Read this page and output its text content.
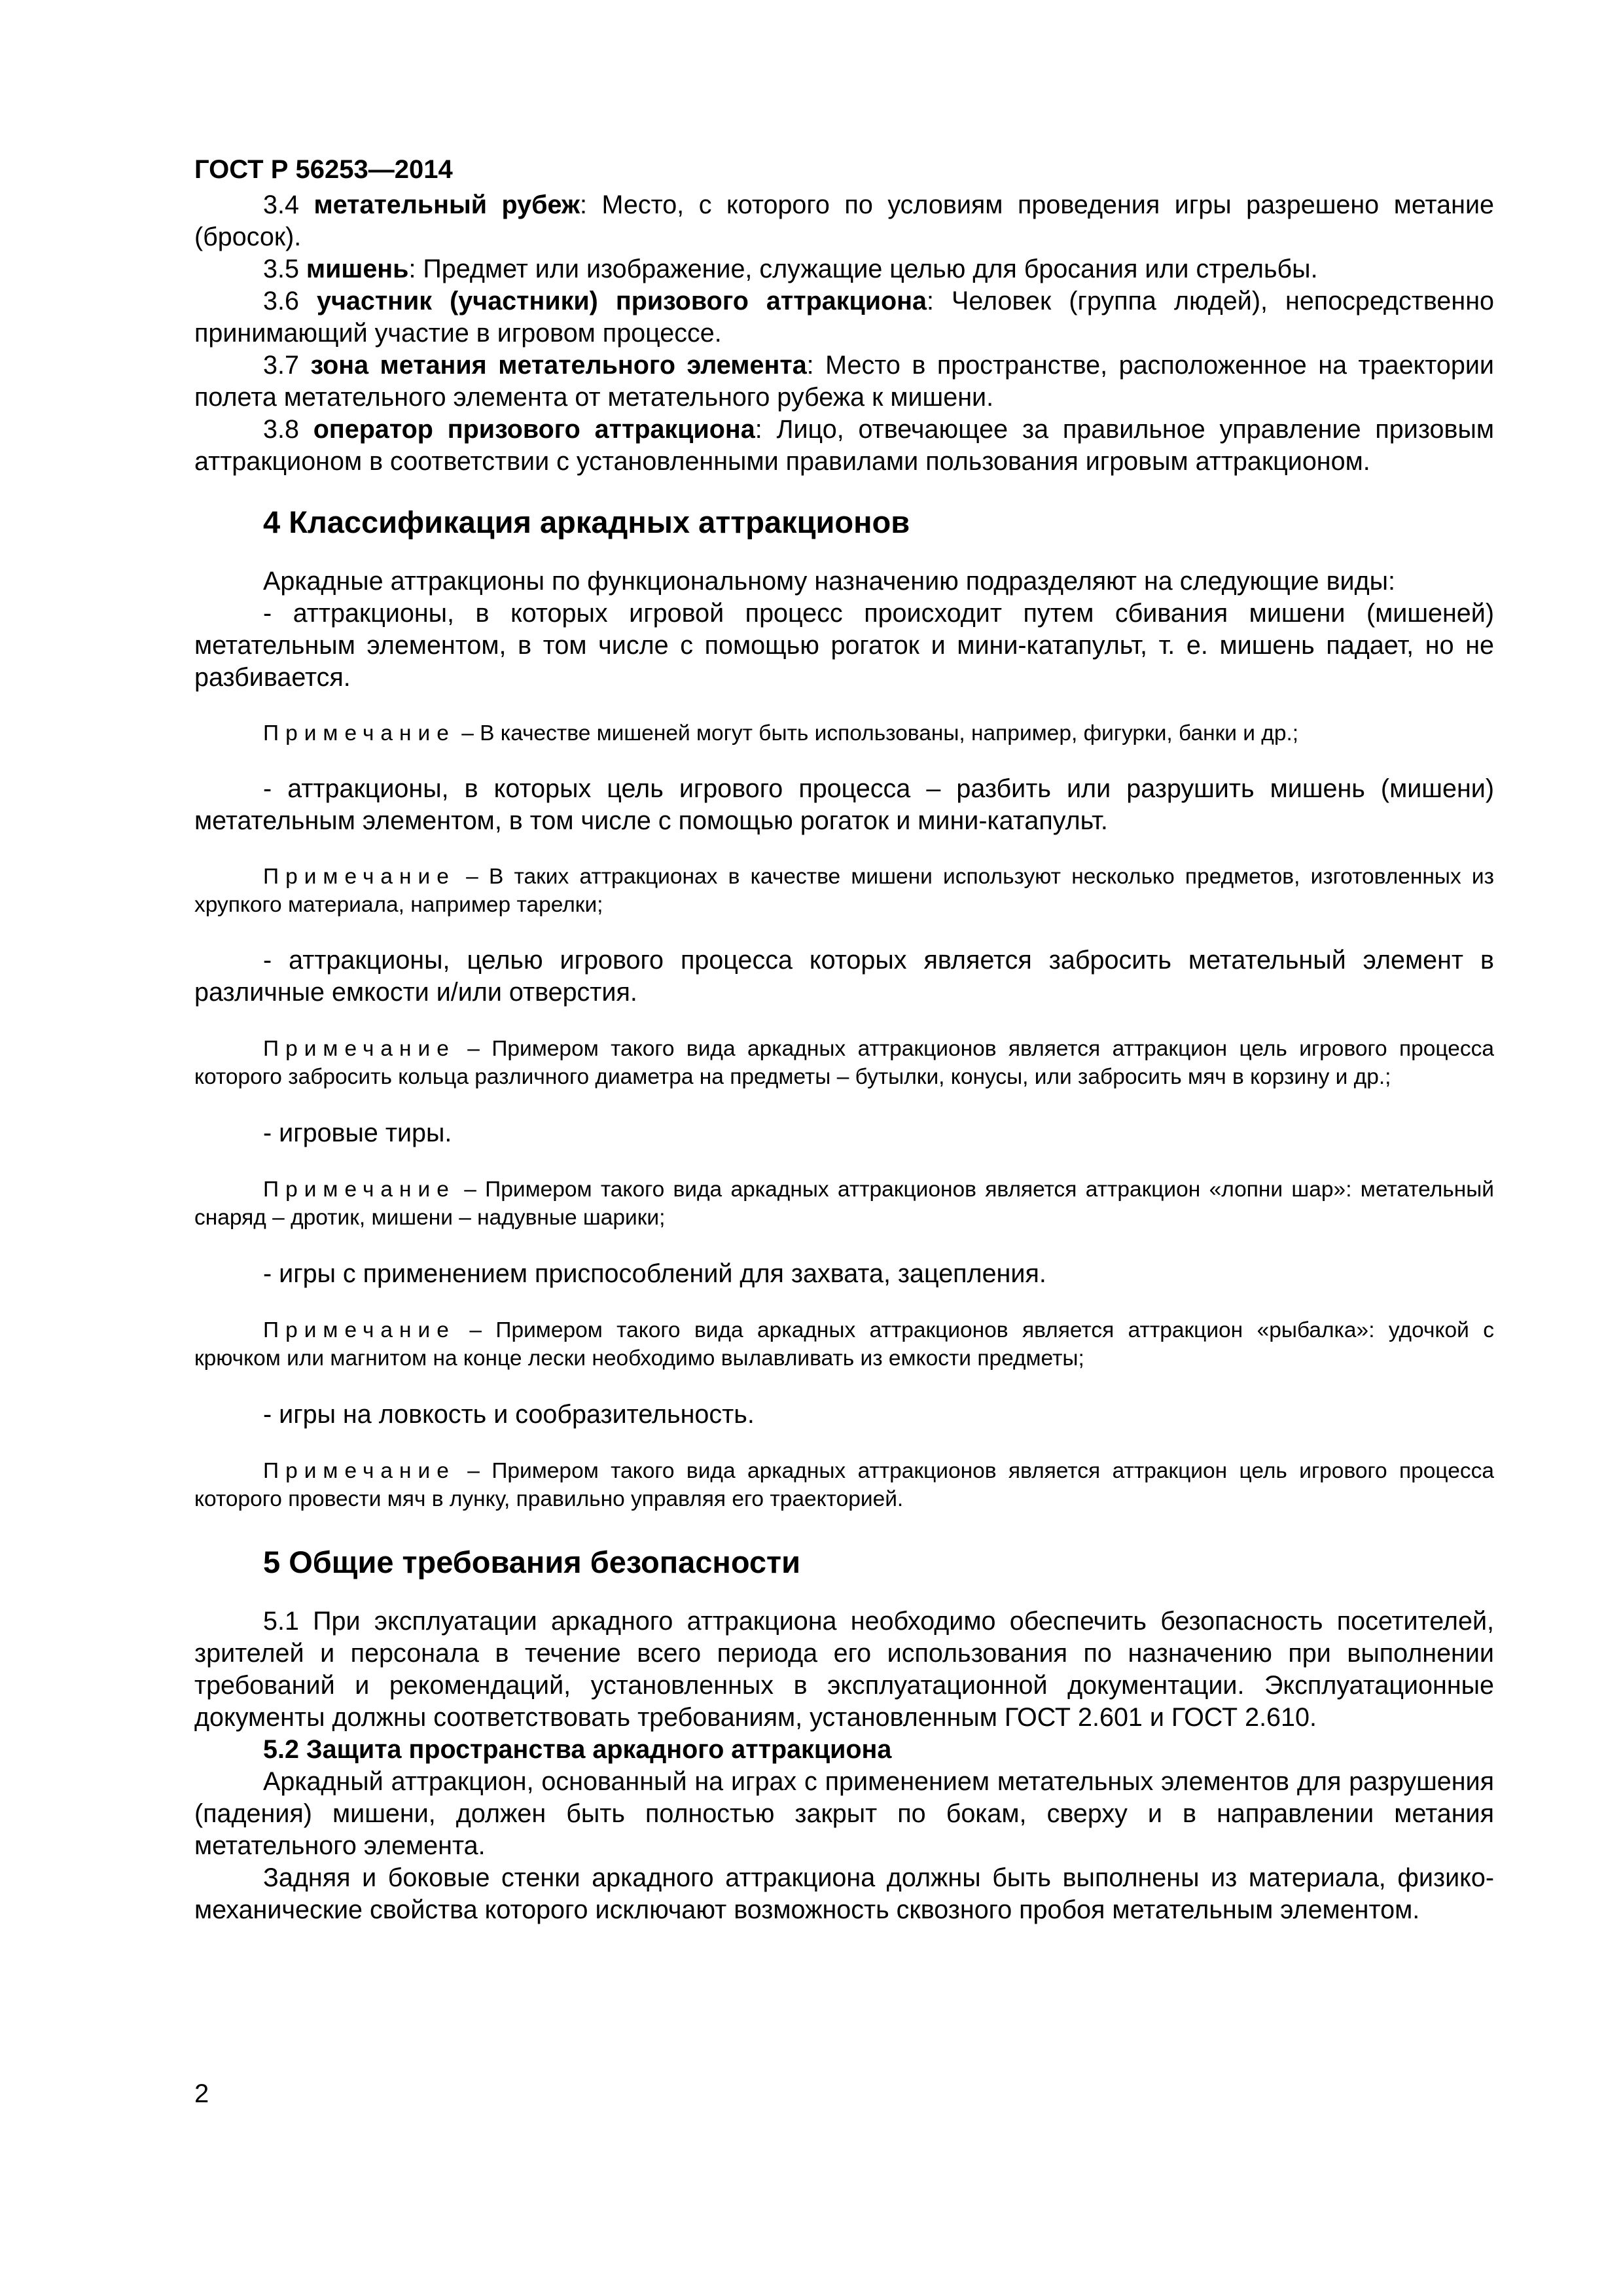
ГОСТ Р 56253—2014

3.4 метательный рубеж: Место, с которого по условиям проведения игры разрешено метание (бросок).

3.5 мишень: Предмет или изображение, служащие целью для бросания или стрельбы.

3.6 участник (участники) призового аттракциона: Человек (группа людей), непосредственно принимающий участие в игровом процессе.

3.7 зона метания метательного элемента: Место в пространстве, расположенное на траектории полета метательного элемента от метательного рубежа к мишени.

3.8 оператор призового аттракциона: Лицо, отвечающее за правильное управление призовым аттракционом в соответствии с установленными правилами пользования игровым аттракционом.

4 Классификация аркадных аттракционов

Аркадные аттракционы по функциональному назначению подразделяют на следующие виды:

- аттракционы, в которых игровой процесс происходит путем сбивания мишени (мишеней) метательным элементом, в том числе с помощью рогаток и мини-катапульт, т. е. мишень падает, но не разбивается.

Примечание – В качестве мишеней могут быть использованы, например, фигурки, банки и др.;

- аттракционы, в которых цель игрового процесса – разбить или разрушить мишень (мишени) метательным элементом, в том числе с помощью рогаток и мини-катапульт.

Примечание – В таких аттракционах в качестве мишени используют несколько предметов, изготовленных из хрупкого материала, например тарелки;

- аттракционы, целью игрового процесса которых является забросить метательный элемент в различные емкости и/или отверстия.

Примечание – Примером такого вида аркадных аттракционов является аттракцион цель игрового процесса которого забросить кольца различного диаметра на предметы – бутылки, конусы, или забросить мяч в корзину и др.;

- игровые тиры.

Примечание – Примером такого вида аркадных аттракционов является аттракцион «лопни шар»: метательный снаряд – дротик, мишени – надувные шарики;

- игры с применением приспособлений для захвата, зацепления.

Примечание – Примером такого вида аркадных аттракционов является аттракцион «рыбалка»: удочкой с крючком или магнитом на конце лески необходимо вылавливать из емкости предметы;

- игры на ловкость и сообразительность.

Примечание – Примером такого вида аркадных аттракционов является аттракцион цель игрового процесса которого провести мяч в лунку, правильно управляя его траекторией.

5 Общие требования безопасности

5.1 При эксплуатации аркадного аттракциона необходимо обеспечить безопасность посетителей, зрителей и персонала в течение всего периода его использования по назначению при выполнении требований и рекомендаций, установленных в эксплуатационной документации. Эксплуатационные документы должны соответствовать требованиям, установленным ГОСТ 2.601 и ГОСТ 2.610.

5.2 Защита пространства аркадного аттракциона

Аркадный аттракцион, основанный на играх с применением метательных элементов для разрушения (падения) мишени, должен быть полностью закрыт по бокам, сверху и в направлении метания метательного элемента.

Задняя и боковые стенки аркадного аттракциона должны быть выполнены из материала, физико-механические свойства которого исключают возможность сквозного пробоя метательным элементом.

2
